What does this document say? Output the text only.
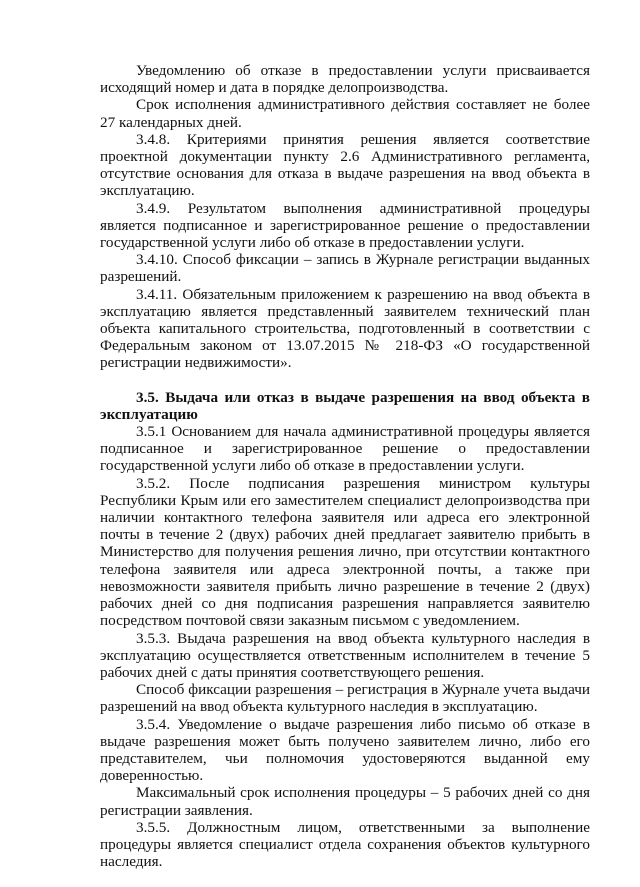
Уведомлению об отказе в предоставлении услуги присваивается исходящий номер и дата в порядке делопроизводства.

Срок исполнения административного действия составляет не более 27 календарных дней.

3.4.8. Критериями принятия решения является соответствие проектной документации пункту 2.6 Административного регламента, отсутствие основания для отказа в выдаче разрешения на ввод объекта в эксплуатацию.

3.4.9. Результатом выполнения административной процедуры является подписанное и зарегистрированное решение о предоставлении государственной услуги либо об отказе в предоставлении услуги.

3.4.10. Способ фиксации – запись в Журнале регистрации выданных разрешений.

3.4.11. Обязательным приложением к разрешению на ввод объекта в эксплуатацию является представленный заявителем технический план объекта капитального строительства, подготовленный в соответствии с Федеральным законом от 13.07.2015 № 218-ФЗ «О государственной регистрации недвижимости».

3.5. Выдача или отказ в выдаче разрешения на ввод объекта в эксплуатацию

3.5.1 Основанием для начала административной процедуры является подписанное и зарегистрированное решение о предоставлении государственной услуги либо об отказе в предоставлении услуги.

3.5.2. После подписания разрешения министром культуры Республики Крым или его заместителем специалист делопроизводства при наличии контактного телефона заявителя или адреса его электронной почты в течение 2 (двух) рабочих дней предлагает заявителю прибыть в Министерство для получения решения лично, при отсутствии контактного телефона заявителя или адреса электронной почты, а также при невозможности заявителя прибыть лично разрешение в течение 2 (двух) рабочих дней со дня подписания разрешения направляется заявителю посредством почтовой связи заказным письмом с уведомлением.

3.5.3. Выдача разрешения на ввод объекта культурного наследия в эксплуатацию осуществляется ответственным исполнителем в течение 5 рабочих дней с даты принятия соответствующего решения.

Способ фиксации разрешения – регистрация в Журнале учета выдачи разрешений на ввод объекта культурного наследия в эксплуатацию.

3.5.4. Уведомление о выдаче разрешения либо письмо об отказе в выдаче разрешения может быть получено заявителем лично, либо его представителем, чьи полномочия удостоверяются выданной ему доверенностью.

Максимальный срок исполнения процедуры – 5 рабочих дней со дня регистрации заявления.

3.5.5. Должностным лицом, ответственными за выполнение процедуры является специалист отдела сохранения объектов культурного наследия.
